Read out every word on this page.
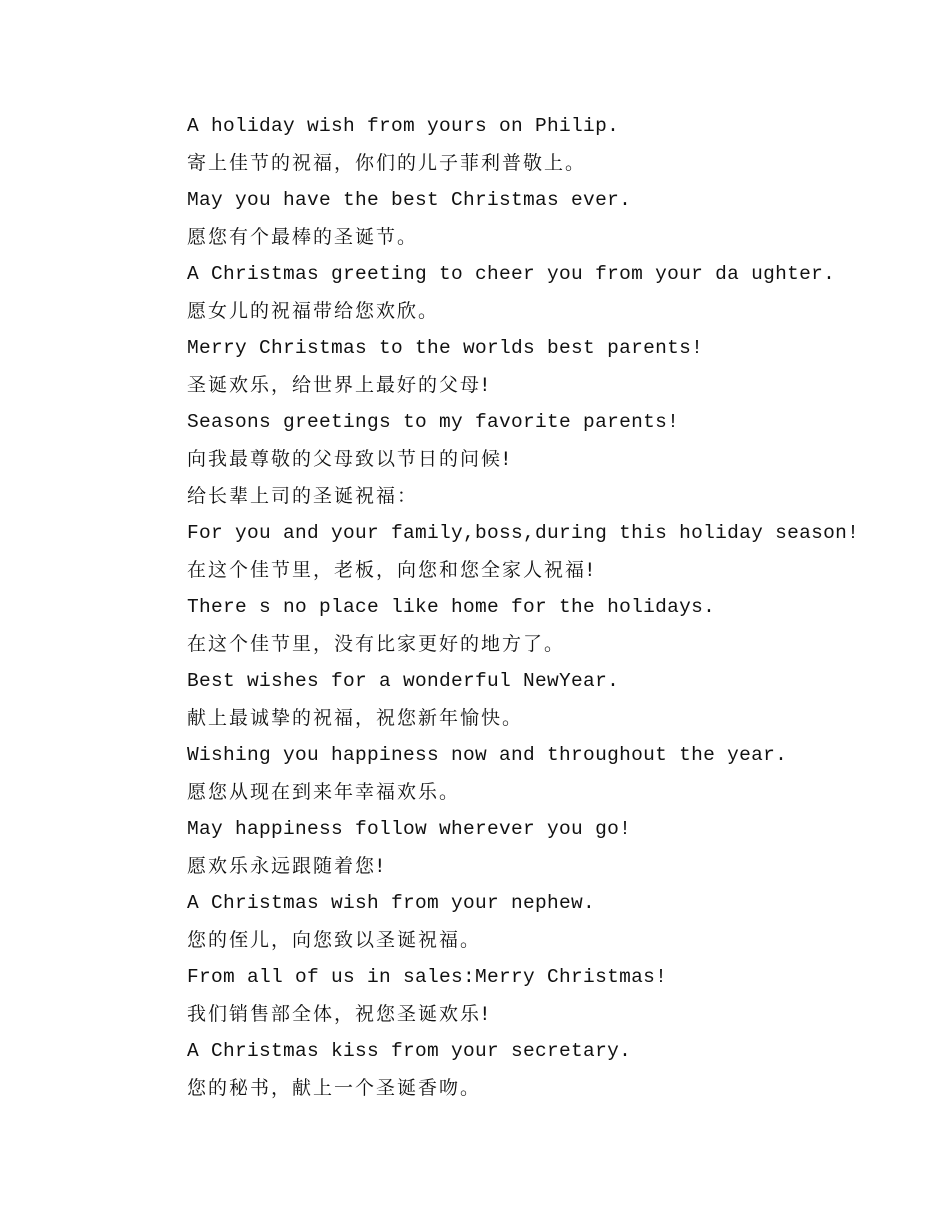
A holiday wish from yours on Philip.
寄上佳节的祝福，你们的儿子菲利普敬上。
May you have the best Christmas ever.
愿您有个最棒的圣诞节。
A Christmas greeting to cheer you from your da ughter.
愿女儿的祝福带给您欢欣。
Merry Christmas to the worlds best parents!
圣诞欢乐，给世界上最好的父母!
Seasons greetings to my favorite parents!
向我最尊敬的父母致以节日的问候!
给长辈上司的圣诞祝福：
For you and your family,boss,during this holiday season!
在这个佳节里，老板，向您和您全家人祝福!
There s no place like home for the holidays.
在这个佳节里，没有比家更好的地方了。
Best wishes for a wonderful NewYear.
献上最诚挚的祝福，祝您新年愉快。
Wishing you happiness now and throughout the year.
愿您从现在到来年幸福欢乐。
May happiness follow wherever you go!
愿欢乐永远跟随着您!
A Christmas wish from your nephew.
您的侄儿，向您致以圣诞祝福。
From all of us in sales:Merry Christmas!
我们销售部全体，祝您圣诞欢乐!
A Christmas kiss from your secretary.
您的秘书，献上一个圣诞香吻。
